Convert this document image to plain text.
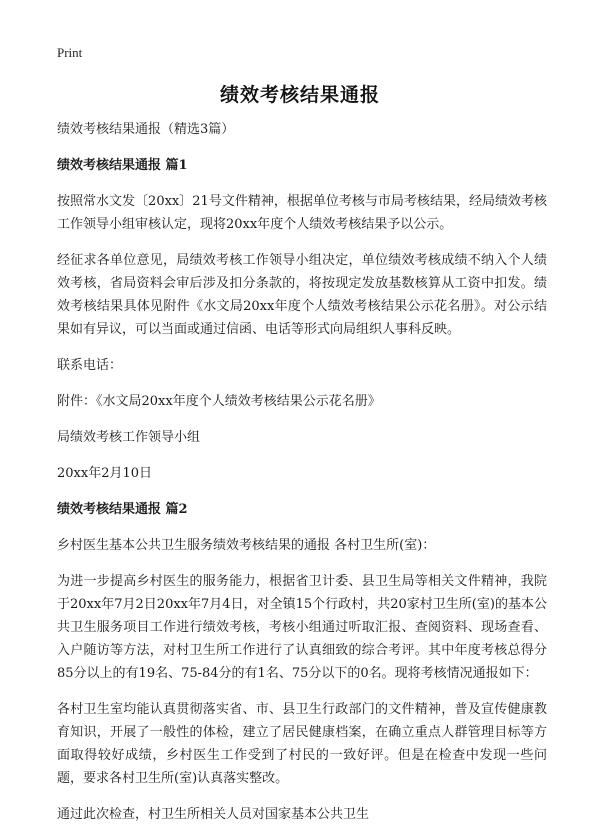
Print
绩效考核结果通报

绩效考核结果通报（精选3篇）

绩效考核结果通报 篇1

按照常水文发〔20xx〕21号文件精神，根据单位考核与市局考核结果，经局绩效考核工作领导小组审核认定，现将20xx年度个人绩效考核结果予以公示。

经征求各单位意见，局绩效考核工作领导小组决定，单位绩效考核成绩不纳入个人绩效考核，省局资料会审后涉及扣分条款的，将按现定发放基数核算从工资中扣发。绩效考核结果具体见附件《水文局20xx年度个人绩效考核结果公示花名册》。对公示结果如有异议，可以当面或通过信函、电话等形式向局组织人事科反映。

联系电话：

附件：《水文局20xx年度个人绩效考核结果公示花名册》

局绩效考核工作领导小组

20xx年2月10日

绩效考核结果通报 篇2

乡村医生基本公共卫生服务绩效考核结果的通报 各村卫生所(室)：

为进一步提高乡村医生的服务能力，根据省卫计委、县卫生局等相关文件精神，我院于20xx年7月2日20xx年7月4日，对全镇15个行政村，共20家村卫生所(室)的基本公共卫生服务项目工作进行绩效考核，考核小组通过听取汇报、查阅资料、现场查看、入户随访等方法，对村卫生所工作进行了认真细致的综合考评。其中年度考核总得分85分以上的有19名、75-84分的有1名、75分以下的0名。现将考核情况通报如下：

各村卫生室均能认真贯彻落实省、市、县卫生行政部门的文件精神，普及宣传健康教育知识，开展了一般性的体检，建立了居民健康档案，在确立重点人群管理目标等方面取得较好成绩，乡村医生工作受到了村民的一致好评。但是在检查中发现一些问题，要求各村卫生所(室)认真落实整改。

通过此次检查，村卫生所相关人员对国家基本公共卫生
